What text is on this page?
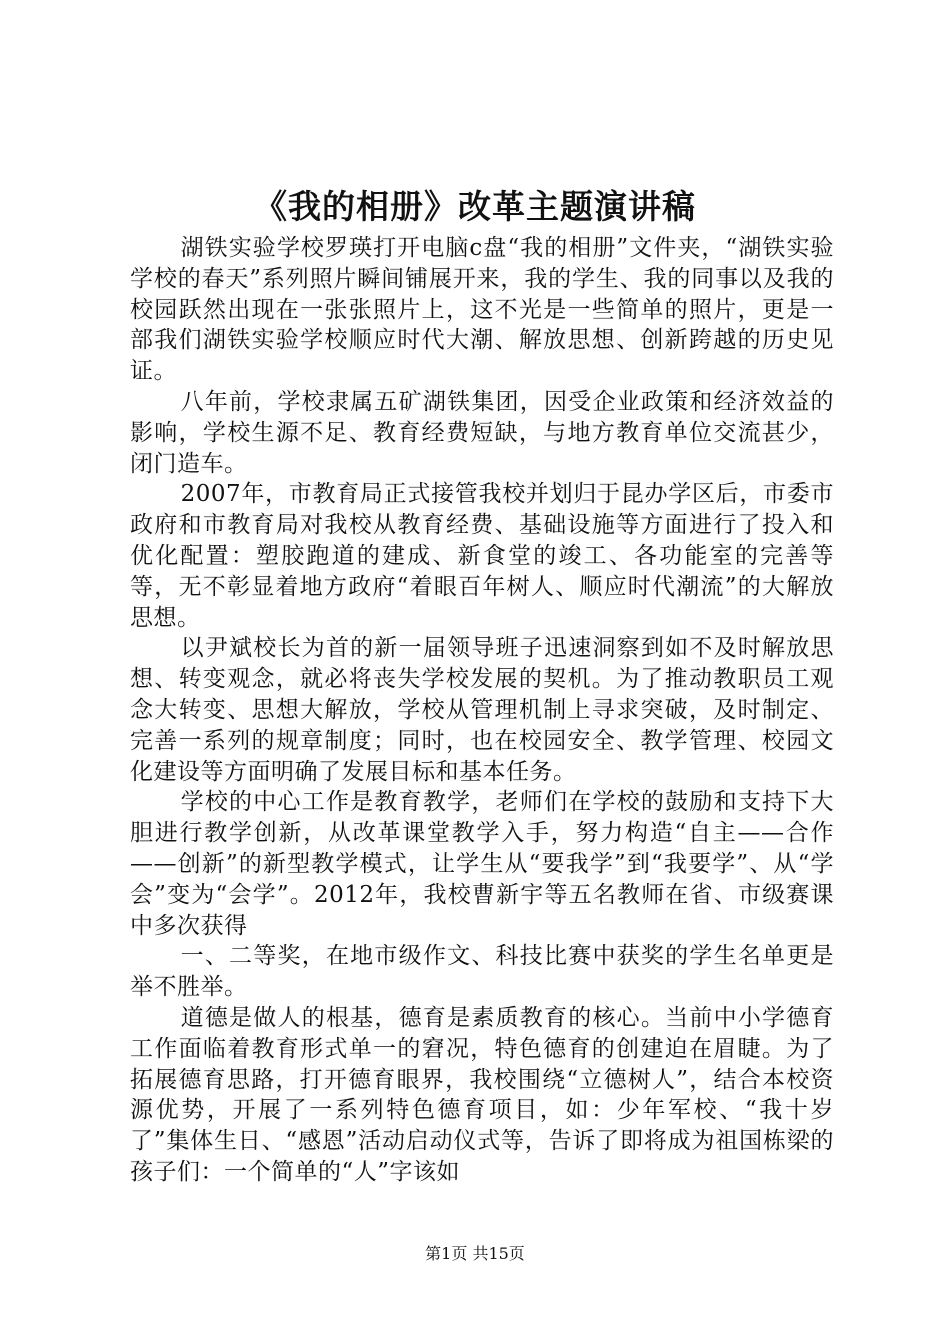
《我的相册》改革主题演讲稿

湖铁实验学校罗瑛打开电脑c盘“我的相册”文件夹，“湖铁实验学校的春天”系列照片瞬间铺展开来，我的学生、我的同事以及我的校园跃然出现在一张张照片上，这不光是一些简单的照片，更是一部我们湖铁实验学校顺应时代大潮、解放思想、创新跨越的历史见证。

八年前，学校隶属五矿湖铁集团，因受企业政策和经济效益的影响，学校生源不足、教育经费短缺，与地方教育单位交流甚少，闭门造车。

2007年，市教育局正式接管我校并划归于昆办学区后，市委市政府和市教育局对我校从教育经费、基础设施等方面进行了投入和优化配置：塑胶跑道的建成、新食堂的竣工、各功能室的完善等等，无不彰显着地方政府“着眼百年树人、顺应时代潮流”的大解放思想。

以尹斌校长为首的新一届领导班子迅速洞察到如不及时解放思想、转变观念，就必将丧失学校发展的契机。为了推动教职员工观念大转变、思想大解放，学校从管理机制上寻求突破，及时制定、完善一系列的规章制度；同时，也在校园安全、教学管理、校园文化建设等方面明确了发展目标和基本任务。

学校的中心工作是教育教学，老师们在学校的鼓励和支持下大胆进行教学创新，从改革课堂教学入手，努力构造“自主——合作——创新”的新型教学模式，让学生从“要我学”到“我要学”、从“学会”变为“会学”。2012年，我校曹新宇等五名教师在省、市级赛课中多次获得

一、二等奖，在地市级作文、科技比赛中获奖的学生名单更是举不胜举。

道德是做人的根基，德育是素质教育的核心。当前中小学德育工作面临着教育形式单一的窘况，特色德育的创建迫在眉睫。为了拓展德育思路，打开德育眼界，我校围绕“立德树人”，结合本校资源优势，开展了一系列特色德育项目，如：少年军校、“我十岁了”集体生日、“感恩”活动启动仪式等，告诉了即将成为祖国栋梁的孩子们：一个简单的“人”字该如

第1页 共15页
